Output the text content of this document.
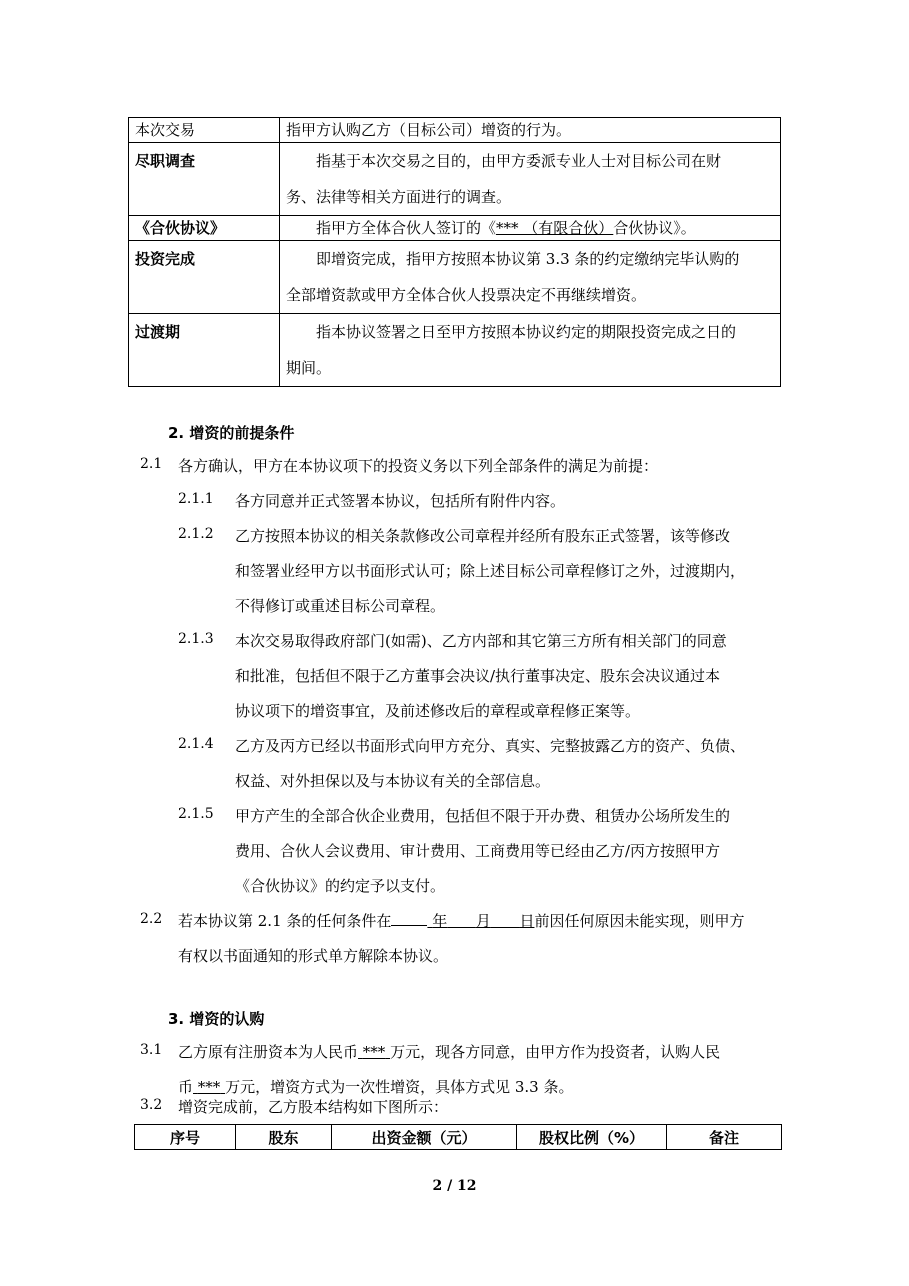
本次交易	指甲方认购乙方（目标公司）增资的行为。
尽职调查	指基于本次交易之目的，由甲方委派专业人士对目标公司在财
务、法律等相关方面进行的调查。
《合伙协议》	指甲方全体合伙人签订的《*** （有限合伙）合伙协议》。
投资完成	即增资完成，指甲方按照本协议第 3.3 条的约定缴纳完毕认购的
全部增资款或甲方全体合伙人投票决定不再继续增资。
过渡期	指本协议签署之日至甲方按照本协议约定的期限投资完成之日的
期间。
2. 增资的前提条件
2.1 各方确认，甲方在本协议项下的投资义务以下列全部条件的满足为前提：
2.1.1 各方同意并正式签署本协议，包括所有附件内容。
2.1.2 乙方按照本协议的相关条款修改公司章程并经所有股东正式签署，该等修改
和签署业经甲方以书面形式认可；除上述目标公司章程修订之外，过渡期内，
不得修订或重述目标公司章程。
2.1.3 本次交易取得政府部门(如需)、乙方内部和其它第三方所有相关部门的同意
和批准，包括但不限于乙方董事会决议/执行董事决定、股东会决议通过本
协议项下的增资事宜，及前述修改后的章程或章程修正案等。
2.1.4 乙方及丙方已经以书面形式向甲方充分、真实、完整披露乙方的资产、负债、
权益、对外担保以及与本协议有关的全部信息。
2.1.5 甲方产生的全部合伙企业费用，包括但不限于开办费、租赁办公场所发生的
费用、合伙人会议费用、审计费用、工商费用等已经由乙方/丙方按照甲方
《合伙协议》的约定予以支付。
2.2 若本协议第 2.1 条的任何条件在	年 月 日前因任何原因未能实现，则甲方
有权以书面通知的形式单方解除本协议。
3. 增资的认购
3.1 乙方原有注册资本为人民币 *** 万元，现各方同意，由甲方作为投资者，认购人民
币 *** 万元，增资方式为一次性增资，具体方式见 3.3 条。
3.2 增资完成前，乙方股本结构如下图所示：
序号	股东	出资金额（元）	股权比例（%）	备注
2 / 12
